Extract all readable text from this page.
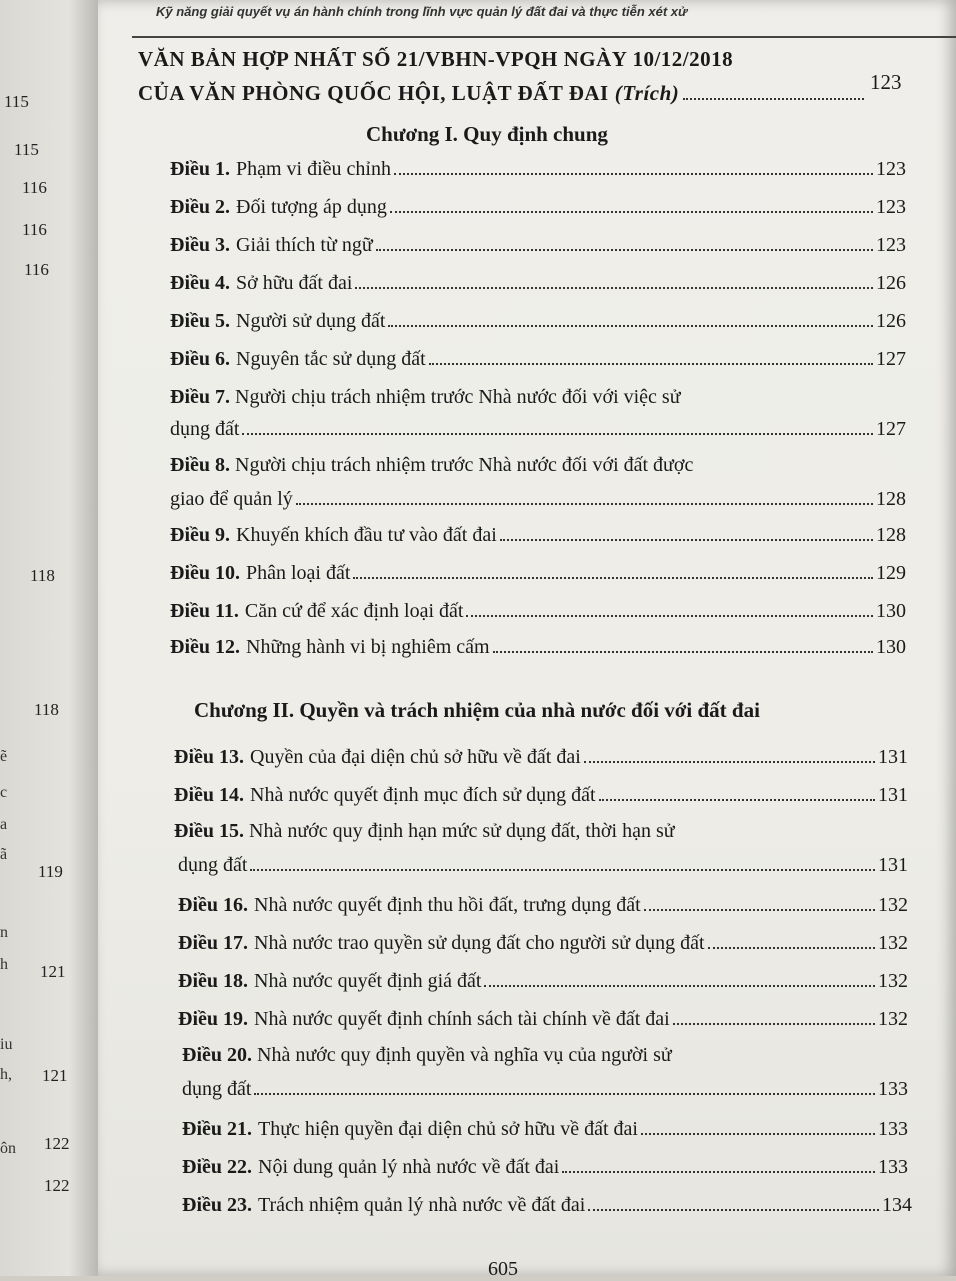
115
115
116
116
116
118
118
119
121
121
122
122
ẽ
c
a
ã
n
h
iu
h,
ôn
Kỹ năng giải quyết vụ án hành chính trong lĩnh vực quản lý đất đai và thực tiễn xét xử
VĂN BẢN HỢP NHẤT SỐ 21/VBHN-VPQH NGÀY 10/12/2018
CỦA VĂN PHÒNG QUỐC HỘI, LUẬT ĐẤT ĐAI (Trích)	123
Chương I. Quy định chung
Điều 1. Phạm vi điều chỉnh	123
Điều 2. Đối tượng áp dụng	123
Điều 3. Giải thích từ ngữ	123
Điều 4. Sở hữu đất đai	126
Điều 5. Người sử dụng đất	126
Điều 6. Nguyên tắc sử dụng đất	127
Điều 7. Người chịu trách nhiệm trước Nhà nước đối với việc sử
dụng đất	127
Điều 8. Người chịu trách nhiệm trước Nhà nước đối với đất được
giao để quản lý	128
Điều 9. Khuyến khích đầu tư vào đất đai	128
Điều 10. Phân loại đất	129
Điều 11. Căn cứ để xác định loại đất	130
Điều 12. Những hành vi bị nghiêm cấm	130
Chương II. Quyền và trách nhiệm của nhà nước đối với đất đai
Điều 13. Quyền của đại diện chủ sở hữu về đất đai	131
Điều 14. Nhà nước quyết định mục đích sử dụng đất	131
Điều 15. Nhà nước quy định hạn mức sử dụng đất, thời hạn sử
dụng đất	131
Điều 16. Nhà nước quyết định thu hồi đất, trưng dụng đất	132
Điều 17. Nhà nước trao quyền sử dụng đất cho người sử dụng đất	132
Điều 18. Nhà nước quyết định giá đất	132
Điều 19. Nhà nước quyết định chính sách tài chính về đất đai	132
Điều 20. Nhà nước quy định quyền và nghĩa vụ của người sử
dụng đất	133
Điều 21. Thực hiện quyền đại diện chủ sở hữu về đất đai	133
Điều 22. Nội dung quản lý nhà nước về đất đai	133
Điều 23. Trách nhiệm quản lý nhà nước về đất đai	134
605
